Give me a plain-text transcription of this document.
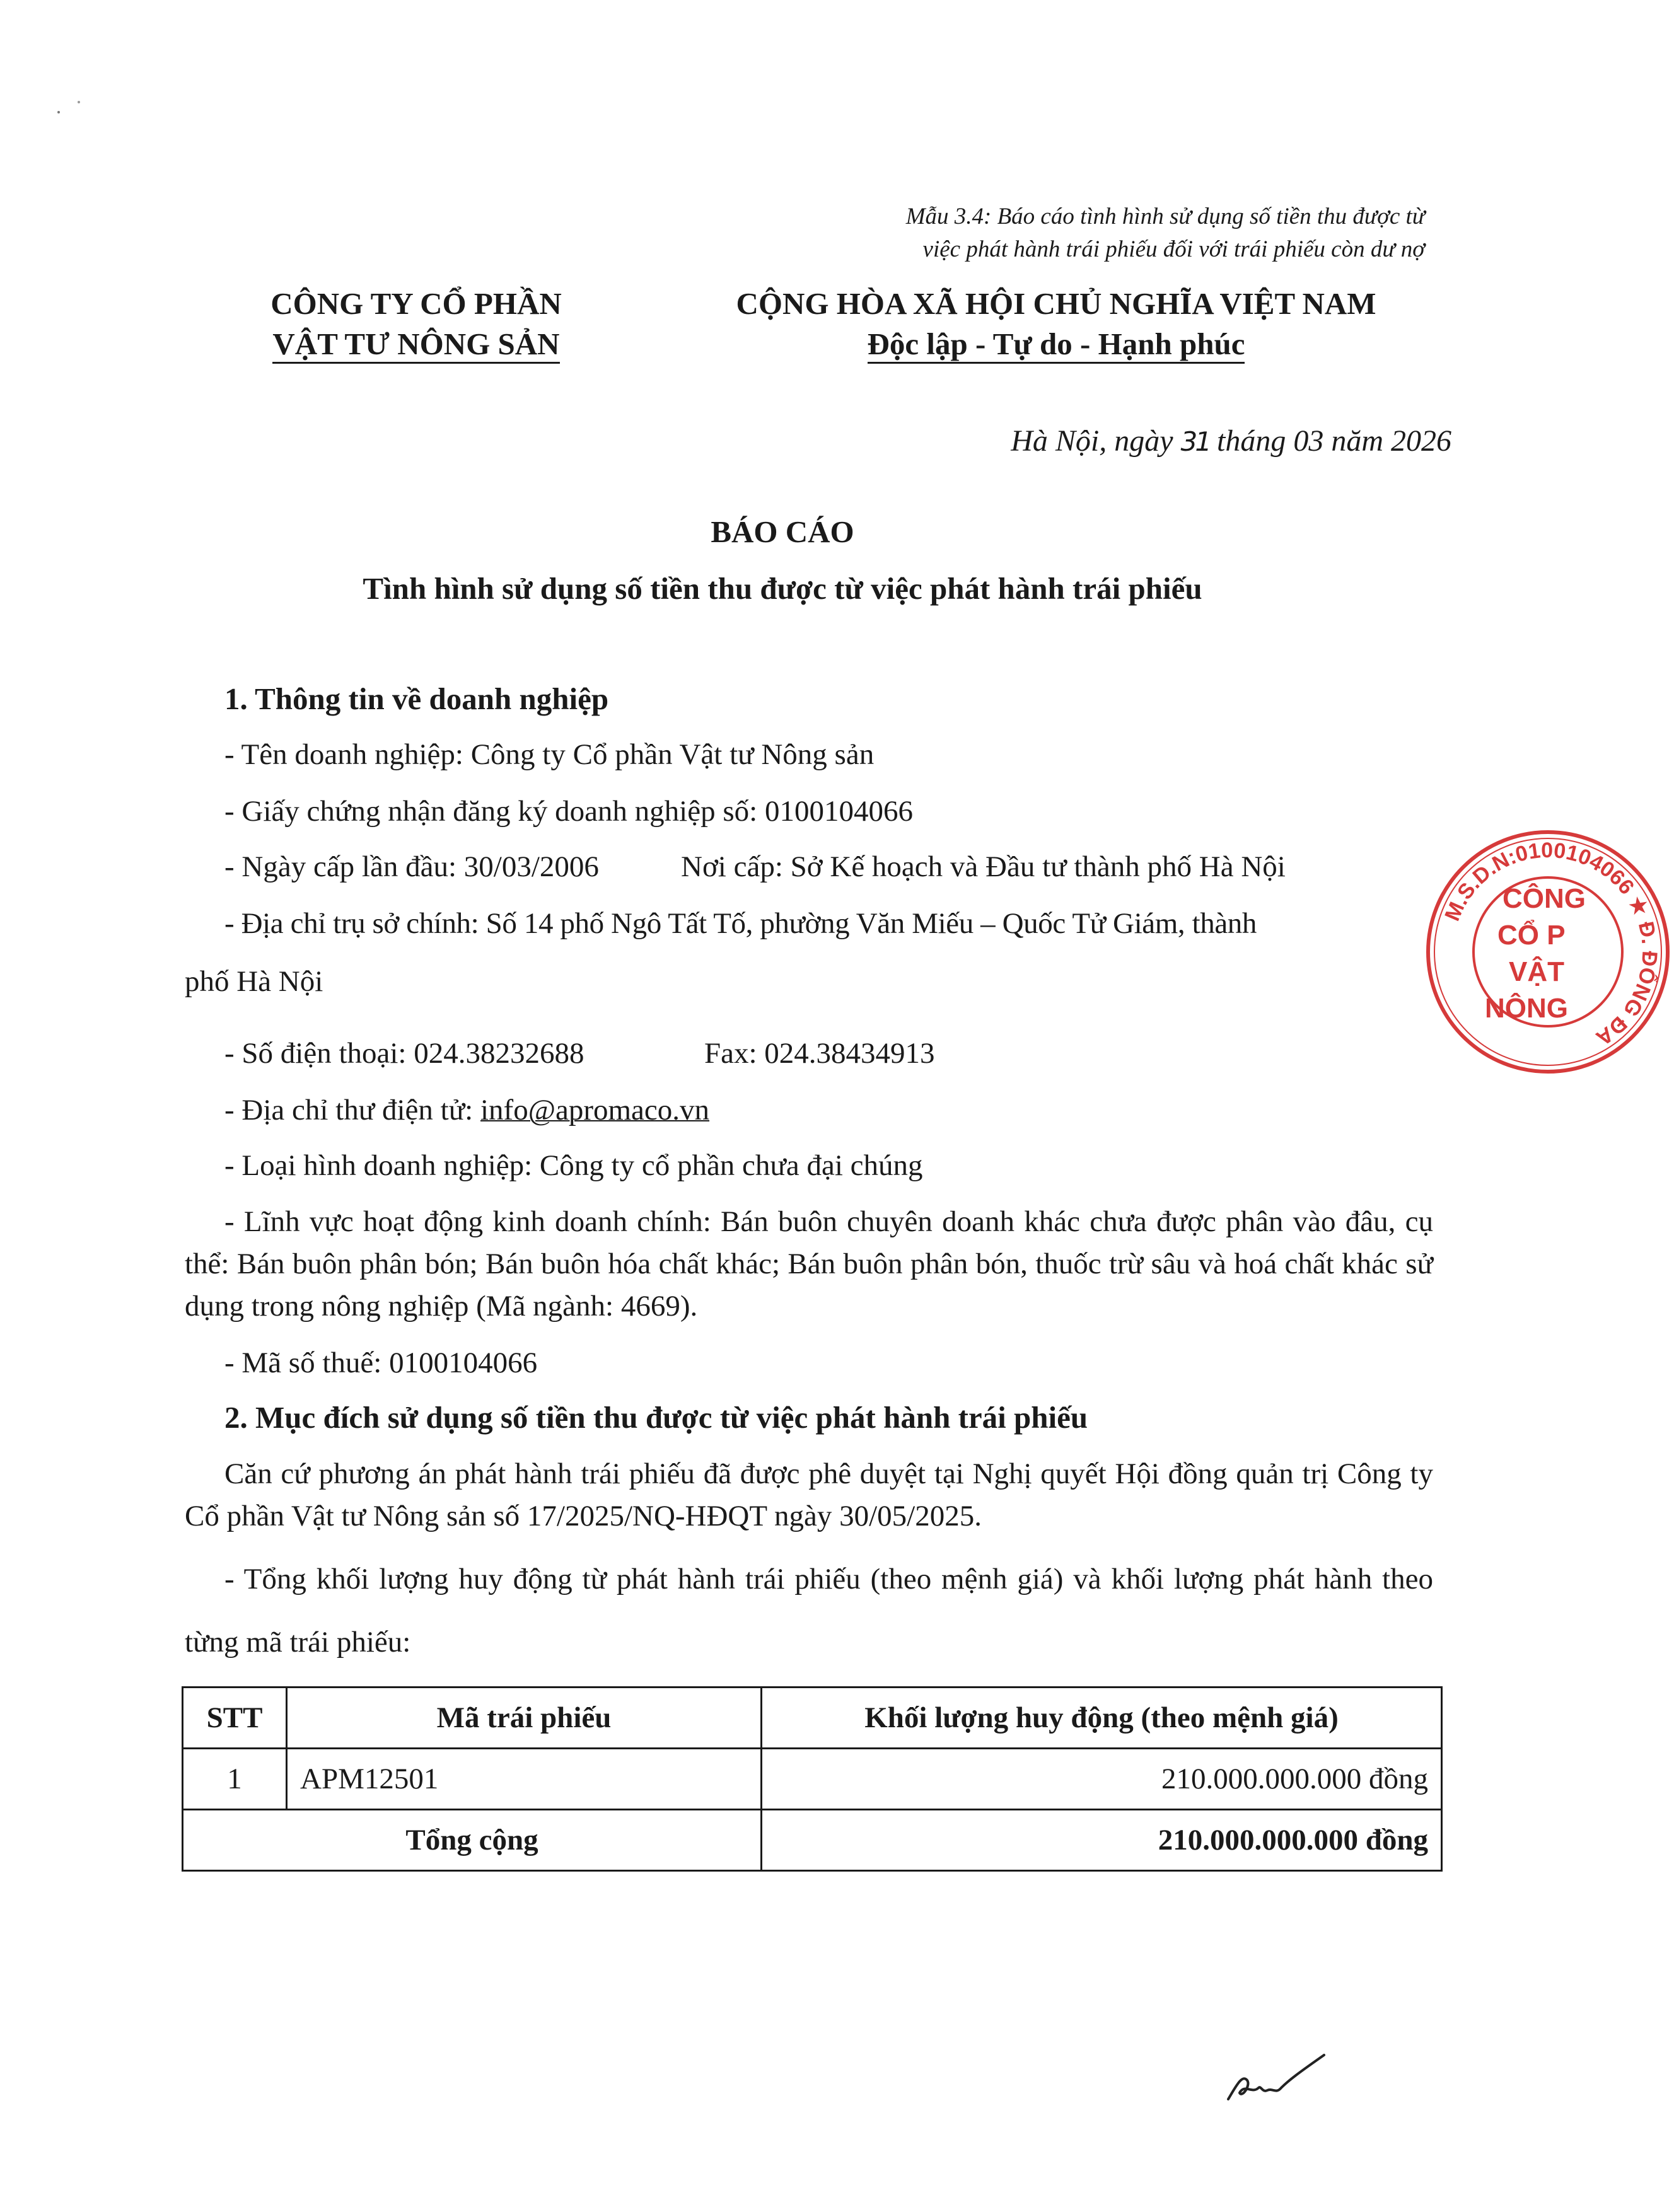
Mẫu 3.4: Báo cáo tình hình sử dụng số tiền thu được từ
việc phát hành trái phiếu đối với trái phiếu còn dư nợ
CÔNG TY CỔ PHẦN
VẬT TƯ NÔNG SẢN
CỘNG HÒA XÃ HỘI CHỦ NGHĨA VIỆT NAM
Độc lập - Tự do - Hạnh phúc
Hà Nội, ngày 31 tháng 03 năm 2026
BÁO CÁO
Tình hình sử dụng số tiền thu được từ việc phát hành trái phiếu
1. Thông tin về doanh nghiệp
- Tên doanh nghiệp: Công ty Cổ phần Vật tư Nông sản
- Giấy chứng nhận đăng ký doanh nghiệp số: 0100104066
- Ngày cấp lần đầu: 30/03/2006	Nơi cấp: Sở Kế hoạch và Đầu tư thành phố Hà Nội
- Địa chỉ trụ sở chính: Số 14 phố Ngô Tất Tố, phường Văn Miếu – Quốc Tử Giám, thành
phố Hà Nội
- Số điện thoại: 024.38232688	Fax: 024.38434913
- Địa chỉ thư điện tử: info@apromaco.vn
- Loại hình doanh nghiệp: Công ty cổ phần chưa đại chúng
- Lĩnh vực hoạt động kinh doanh chính: Bán buôn chuyên doanh khác chưa được phân vào đâu, cụ thể: Bán buôn phân bón; Bán buôn hóa chất khác; Bán buôn phân bón, thuốc trừ sâu và hoá chất khác sử dụng trong nông nghiệp (Mã ngành: 4669).
- Mã số thuế: 0100104066
2. Mục đích sử dụng số tiền thu được từ việc phát hành trái phiếu
Căn cứ phương án phát hành trái phiếu đã được phê duyệt tại Nghị quyết Hội đồng quản trị Công ty Cổ phần Vật tư Nông sản số 17/2025/NQ-HĐQT ngày 30/05/2025.
- Tổng khối lượng huy động từ phát hành trái phiếu (theo mệnh giá) và khối lượng phát hành theo từng mã trái phiếu:
STT	Mã trái phiếu	Khối lượng huy động (theo mệnh giá)
1	APM12501	210.000.000.000 đồng
Tổng cộng		210.000.000.000 đồng
M.S.D.N:0100104066 ★ Đ. ĐỐNG ĐA
CÔNG
CỔ P
VẬT
NÔNG
